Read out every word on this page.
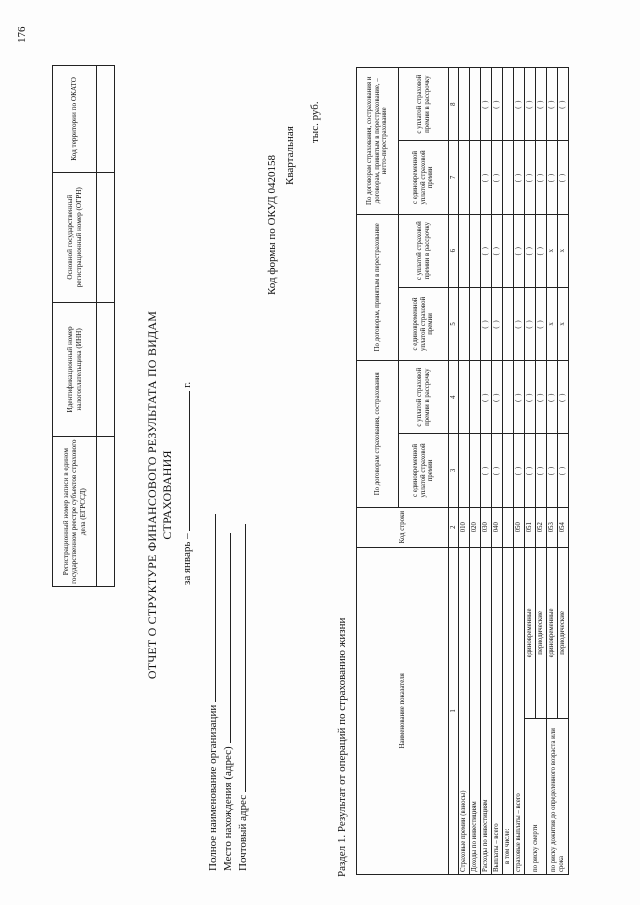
176
Регистрационный номер записи в едином государственном реестре субъектов страхового дела (ЕГРССД)	Идентификационный номер налогоплательщика (ИНН)	Основной государственный регистрационный номер (ОГРН)	Код территории по ОКАТО

ОТЧЕТ О СТРУКТУРЕ ФИНАНСОВОГО РЕЗУЛЬТАТА ПО ВИДАМ СТРАХОВАНИЯ
за январь –  г.
Код формы по ОКУД 0420158 Квартальная
тыс. руб.
Полное наименование организации Место нахождения (адрес) Почтовый адрес	Раздел 1. Результат от операций по страхованию жизни	Наименование показателя		Код строки	По договорам страхования, сострахования		По договорам, принятым в перестрахование		По договорам страхования, сострахования и договорам, принятым в перестрахование, – нетто-перестрахование	
			с единовременной уплатой страховой премии	с уплатой страховой премии в рассрочку	с единовременной уплатой страховой премии	с уплатой страховой премии в рассрочку	с единовременной уплатой страховой премии	с уплатой страховой премии в рассрочку
1		2	3	4	5	6	7	8
Страховые премии (взносы)		010						
Доходы по инвестициям		020						
Расходы по инвестициям		030	( )	( )	( )	( )	( )	( )
Выплаты – всего		040	( )	( )	( )	( )	( )	( )
в том числе:								
страховые выплаты – всего		050	( )	( )	( )	( )	( )	( )
по риску смерти	единовременные	051	( )	( )	( )	( )	( )	( )
	периодические	052	( )	( )	( )	( )	( )	( )
по риску дожития до определенного возраста или срока	единовременные	053	( )	( )	x	x	( )	( )
	периодические	054	( )	( )	x	x	( )	( )
